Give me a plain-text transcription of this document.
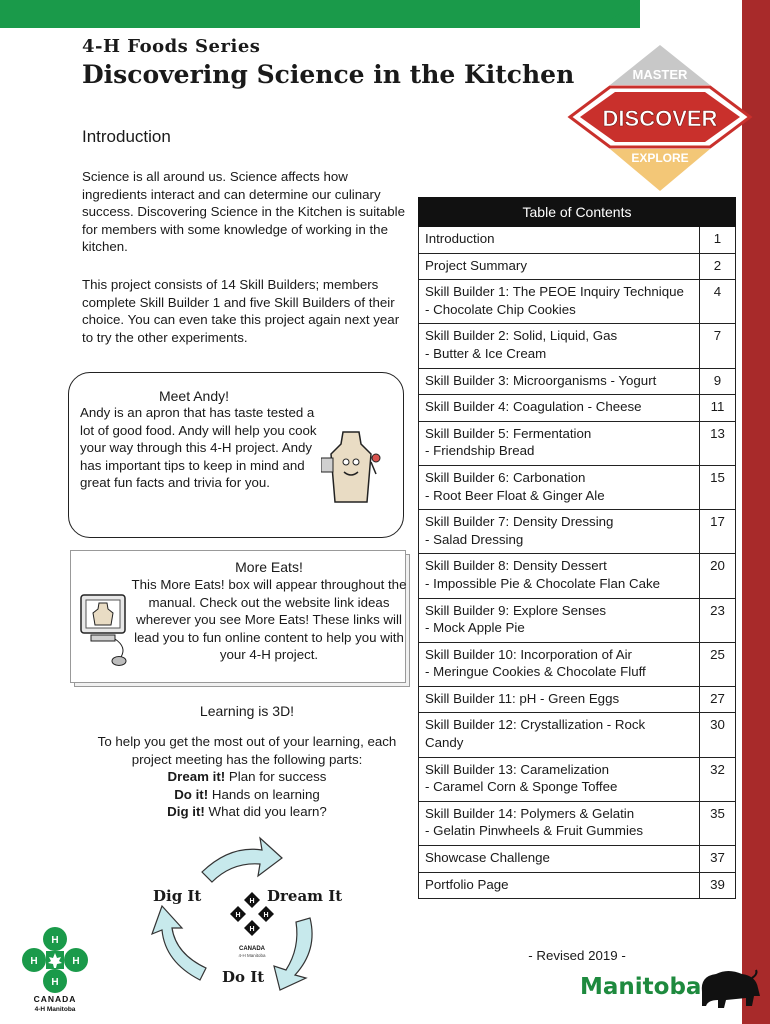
4-H Foods Series
Discovering Science in the Kitchen	MASTER
DISCOVER
EXPLORE
Introduction
Science is all around us. Science affects how ingredients interact and can determine our culinary success. Discovering Science in the Kitchen is suitable for members with some knowledge of working in the kitchen.
This project consists of 14 Skill Builders; members complete Skill Builder 1 and five Skill Builders of their choice. You can even take this project again next year to try the other experiments.
Meet Andy!
Andy is an apron that has taste tested a lot of good food. Andy will help you cook your way through this 4-H project. Andy has important tips to keep in mind and great fun facts and trivia for you.
More Eats!
This More Eats! box will appear throughout the manual. Check out the website link ideas wherever you see More Eats! These links will lead you to fun online content to help you with your 4-H project.
Learning is 3D!
To help you get the most out of your learning, each project meeting has the following parts:
Dream it! Plan for success
Do it! Hands on learning
Dig it! What did you learn?
H
H
H
H
CANADA
4-H Manitoba
Dig It	Dream It
Do It
H
H
H
H
CANADA
4-H Manitoba
Table of Contents	

Introduction	1

Project Summary	2

Skill Builder 1: The PEOE Inquiry Technique
- Chocolate Chip Cookies	4

Skill Builder 2: Solid, Liquid, Gas
- Butter & Ice Cream	7

Skill Builder 3: Microorganisms - Yogurt	9

Skill Builder 4: Coagulation - Cheese	11

Skill Builder 5: Fermentation
- Friendship Bread	13

Skill Builder 6: Carbonation
- Root Beer Float & Ginger Ale	15

Skill Builder 7: Density Dressing
- Salad Dressing	17

Skill Builder 8: Density Dessert
- Impossible Pie & Chocolate Flan Cake	20

Skill Builder 9: Explore Senses
- Mock Apple Pie	23

Skill Builder 10: Incorporation of Air
- Meringue Cookies & Chocolate Fluff	25

Skill Builder 11: pH - Green Eggs	27

Skill Builder 12: Crystallization - Rock
Candy	30

Skill Builder 13: Caramelization
- Caramel Corn & Sponge Toffee	32

Skill Builder 14: Polymers & Gelatin
- Gelatin Pinwheels & Fruit Gummies	35

Showcase Challenge	37

Portfolio Page	39
- Revised 2019 -
Manitoba
